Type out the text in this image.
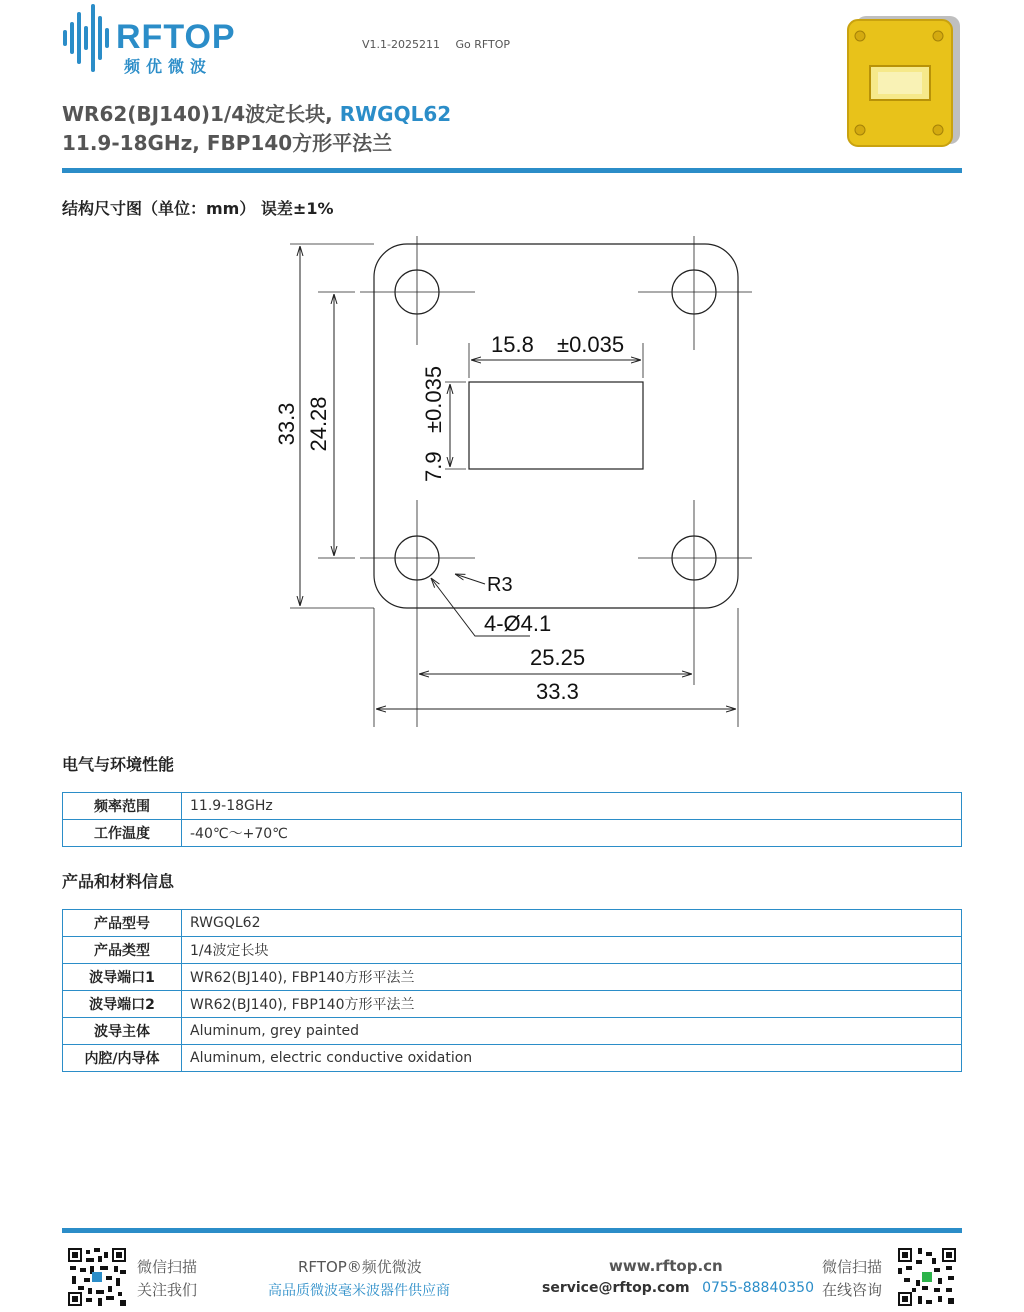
RFTOP
频优微波
V1.1-2025211 Go RFTOP
WR62(BJ140)1/4波定长块, RWGQL62
11.9-18GHz, FBP140方形平法兰
结构尺寸图（单位：mm） 误差±1%
33.3 24.28
15.8 ±0.035
7.9
±0.035
R3
4-Ø4.1
25.25
33.3
电气与环境性能
频率范围	11.9-18GHz
工作温度	-40℃～+70℃
产品和材料信息
产品型号	RWGQL62
产品类型	1/4波定长块
波导端口1	WR62(BJ140), FBP140方形平法兰
波导端口2	WR62(BJ140), FBP140方形平法兰
波导主体	Aluminum, grey painted
内腔/内导体	Aluminum, electric conductive oxidation
微信扫描
关注我们
RFTOP®频优微波
高品质微波毫米波器件供应商
www.rftop.cn
service@rftop.com 0755-88840350
微信扫描
在线咨询
